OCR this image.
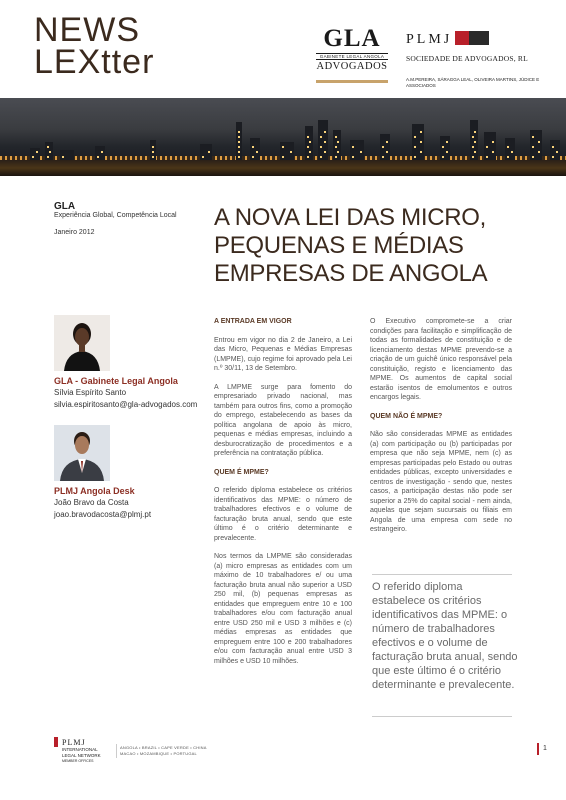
NEWS
LEXtter
GLA
GABINETE LEGAL ANGOLA
ADVOGADOS
PLMJ
SOCIEDADE DE ADVOGADOS, RL
A.M.PEREIRA, SÁRAGGA LEAL, OLIVEIRA MARTINS, JÚDICE E ASSOCIADOS
GLA
Experiência Global, Competência Local
Janeiro 2012
GLA - Gabinete Legal Angola
Sílvia Espírito Santo
silvia.espiritosanto@gla-advogados.com
PLMJ Angola Desk
João Bravo da Costa
joao.bravodacosta@plmj.pt
A NOVA LEI DAS MICRO, PEQUENAS E MÉDIAS EMPRESAS DE ANGOLA
A ENTRADA EM VIGOR

Entrou em vigor no dia 2 de Janeiro, a Lei das Micro, Pequenas e Médias Empresas (LMPME), cujo regime foi aprovado pela Lei n.º 30/11, 13 de Setembro.

A LMPME surge para fomento do empresariado privado nacional, mas também para outros fins, como a promoção do emprego, estabelecendo as bases da política angolana de apoio às micro, pequenas e médias empresas, incluindo a desburocratização de procedimentos e a preferência na contratação pública.

QUEM É MPME?

O referido diploma estabelece os critérios identificativos das MPME: o número de trabalhadores efectivos e o volume de facturação bruta anual, sendo que este último é o critério determinante e prevalecente.

Nos termos da LMPME são consideradas (a) micro empresas as entidades com um máximo de 10 trabalhadores e/ ou uma facturação bruta anual não superior a USD 250 mil, (b) pequenas empresas as entidades que empreguem entre 10 e 100 trabalhadores e/ou com facturação anual entre USD 250 mil e USD 3 milhões e (c) médias empresas as entidades que empreguem entre 100 e 200 trabalhadores e/ou com facturação anual entre USD 3 milhões e USD 10 milhões.

O Executivo compromete-se a criar condições para facilitação e simplificação de todas as formalidades de constituição e de licenciamento destas MPME prevendo-se a criação de um guichê único responsável pela constituição, registo e licenciamento das MPME. Os aumentos de capital social estarão isentos de emolumentos e outros encargos legais.

QUEM NÃO É MPME?

Não são consideradas MPME as entidades (a) com participação ou (b) participadas por empresa que não seja MPME, nem (c) as empresas participadas pelo Estado ou outras entidades públicas, excepto universidades e centros de investigação - sendo que, nestes casos, a participação destas não pode ser superior a 25% do capital social - nem ainda, aquelas que sejam sucursais ou filiais em Angola de uma empresa com sede no estrangeiro.

O referido diploma estabelece os critérios identificativos das MPME: o número de trabalhadores efectivos e o volume de facturação bruta anual, sendo que este último é o critério determinante e prevalecente.
PLMJ
INTERNATIONAL
LEGAL NETWORK
MEMBER OFFICES
ANGOLA • BRAZIL • CAPE VERDE • CHINA
MACAO • MOZAMBIQUE • PORTUGAL
1
